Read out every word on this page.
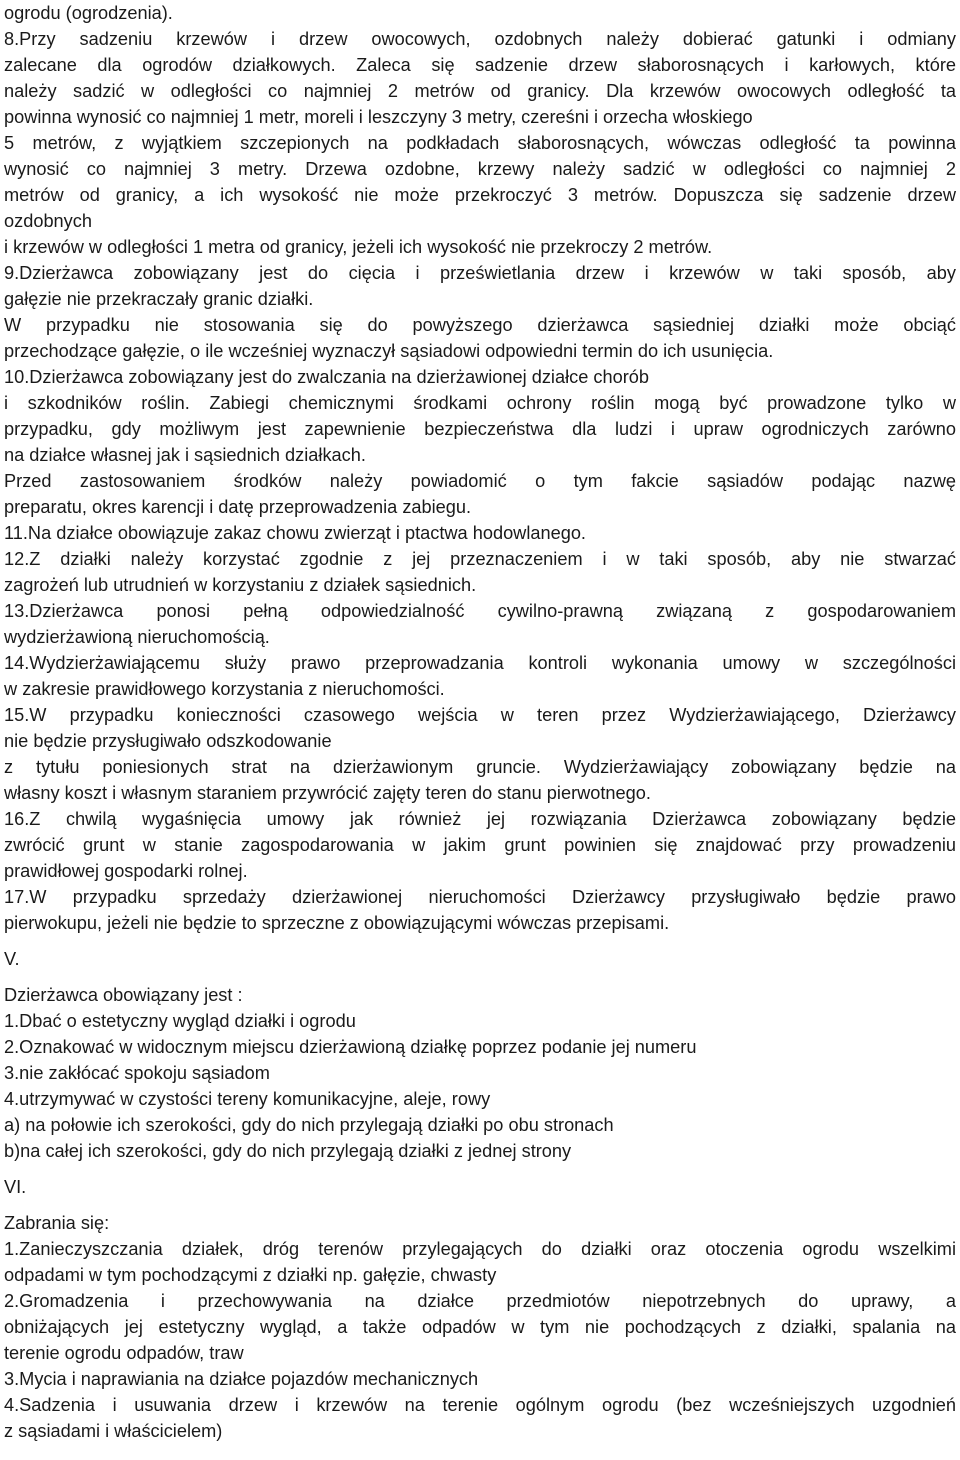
ogrodu (ogrodzenia).
8.Przy sadzeniu krzewów i drzew owocowych, ozdobnych należy dobierać gatunki i odmiany
zalecane dla ogrodów działkowych. Zaleca się sadzenie drzew słaborosnących i karłowych, które
należy sadzić w odległości co najmniej 2 metrów od granicy. Dla krzewów owocowych odległość ta
powinna wynosić co najmniej 1 metr, moreli i leszczyny 3 metry, czereśni i orzecha włoskiego
5 metrów, z wyjątkiem szczepionych na podkładach słaborosnących, wówczas odległość ta powinna
wynosić co najmniej 3 metry. Drzewa ozdobne, krzewy należy sadzić w odległości co najmniej 2
metrów od granicy, a ich wysokość nie może przekroczyć 3 metrów. Dopuszcza się sadzenie drzew
ozdobnych
i krzewów w odległości 1 metra od granicy, jeżeli ich wysokość nie przekroczy 2 metrów.
9.Dzierżawca zobowiązany jest do cięcia i prześwietlania drzew i krzewów w taki sposób, aby
gałęzie nie przekraczały granic działki.
W przypadku nie stosowania się do powyższego dzierżawca sąsiedniej działki może obciąć
przechodzące gałęzie, o ile wcześniej wyznaczył sąsiadowi odpowiedni termin do ich usunięcia.
10.Dzierżawca zobowiązany jest do zwalczania na dzierżawionej działce chorób
i szkodników roślin. Zabiegi chemicznymi środkami ochrony roślin mogą być prowadzone tylko w
przypadku, gdy możliwym jest zapewnienie bezpieczeństwa dla ludzi i upraw ogrodniczych zarówno
na działce własnej jak i sąsiednich działkach.
Przed zastosowaniem środków należy powiadomić o tym fakcie sąsiadów podając nazwę
preparatu, okres karencji i datę przeprowadzenia zabiegu.
11.Na działce obowiązuje zakaz chowu zwierząt i ptactwa hodowlanego.
12.Z działki należy korzystać zgodnie z jej przeznaczeniem i w taki sposób, aby nie stwarzać
zagrożeń lub utrudnień w korzystaniu z działek sąsiednich.
13.Dzierżawca ponosi pełną odpowiedzialność cywilno-prawną związaną z gospodarowaniem
wydzierżawioną nieruchomością.
14.Wydzierżawiającemu służy prawo przeprowadzania kontroli wykonania umowy w szczególności
w zakresie prawidłowego korzystania z nieruchomości.
15.W przypadku konieczności czasowego wejścia w teren przez Wydzierżawiającego, Dzierżawcy
nie będzie przysługiwało odszkodowanie
z tytułu poniesionych strat na dzierżawionym gruncie. Wydzierżawiający zobowiązany będzie na
własny koszt i własnym staraniem przywrócić zajęty teren do stanu pierwotnego.
16.Z chwilą wygaśnięcia umowy jak również jej rozwiązania Dzierżawca zobowiązany będzie
zwrócić grunt w stanie zagospodarowania w jakim grunt powinien się znajdować przy prowadzeniu
prawidłowej gospodarki rolnej.
17.W przypadku sprzedaży dzierżawionej nieruchomości Dzierżawcy przysługiwało będzie prawo
pierwokupu, jeżeli nie będzie to sprzeczne z obowiązującymi wówczas przepisami.
V.
Dzierżawca obowiązany jest :
1.Dbać o estetyczny wygląd działki i ogrodu
2.Oznakować w widocznym miejscu dzierżawioną działkę poprzez podanie jej numeru
3.nie zakłócać spokoju sąsiadom
4.utrzymywać w czystości tereny komunikacyjne, aleje, rowy
a) na połowie ich szerokości, gdy do nich przylegają działki po obu stronach
b)na całej ich szerokości, gdy do nich przylegają działki z jednej strony
VI.
Zabrania się:
1.Zanieczyszczania działek, dróg terenów przylegających do działki oraz otoczenia ogrodu wszelkimi
odpadami w tym pochodzącymi z działki np. gałęzie, chwasty
2.Gromadzenia i przechowywania na działce przedmiotów niepotrzebnych do uprawy, a
obniżających jej estetyczny wygląd, a także odpadów w tym nie pochodzących z działki, spalania na
terenie ogrodu odpadów, traw
3.Mycia i naprawiania na działce pojazdów mechanicznych
4.Sadzenia i usuwania drzew i krzewów na terenie ogólnym ogrodu (bez wcześniejszych uzgodnień
z sąsiadami i właścicielem)
